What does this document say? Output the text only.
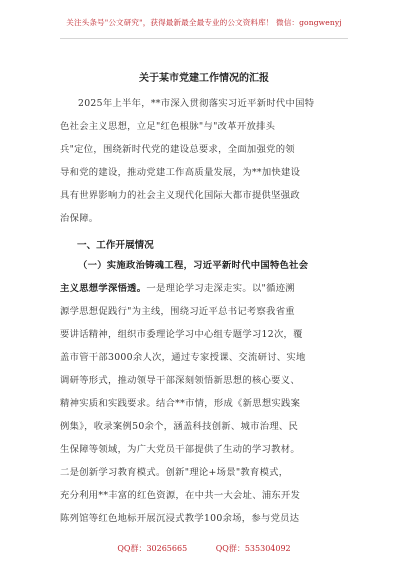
关注头条号"公文研究"，获得最新最全最专业的公文资料库！ 微信：gongwenyj
关于某市党建工作情况的汇报
2025年上半年，**市深入贯彻落实习近平新时代中国特
色社会主义思想，立足"红色根脉"与"改革开放排头
兵"定位，围绕新时代党的建设总要求，全面加强党的领
导和党的建设，推动党建工作高质量发展，为**加快建设
具有世界影响力的社会主义现代化国际大都市提供坚强政
治保障。
一、工作开展情况
（一）实施政治铸魂工程，习近平新时代中国特色社会
主义思想学深悟透。一是理论学习走深走实。以"循迹溯
源学思想促践行"为主线，围绕习近平总书记考察我省重
要讲话精神，组织市委理论学习中心组专题学习12次，覆
盖市管干部3000余人次，通过专家授课、交流研讨、实地
调研等形式，推动领导干部深刻领悟新思想的核心要义、
精神实质和实践要求。结合**市情，形成《新思想实践案
例集》，收录案例50余个，涵盖科技创新、城市治理、民
生保障等领域，为广大党员干部提供了生动的学习教材。
二是创新学习教育模式。创新"理论+场景"教育模式，
充分利用**丰富的红色资源，在中共一大会址、浦东开发
陈列馆等红色地标开展沉浸式教学100余场，参与党员达
QQ群：30265665	QQ群：535304092
